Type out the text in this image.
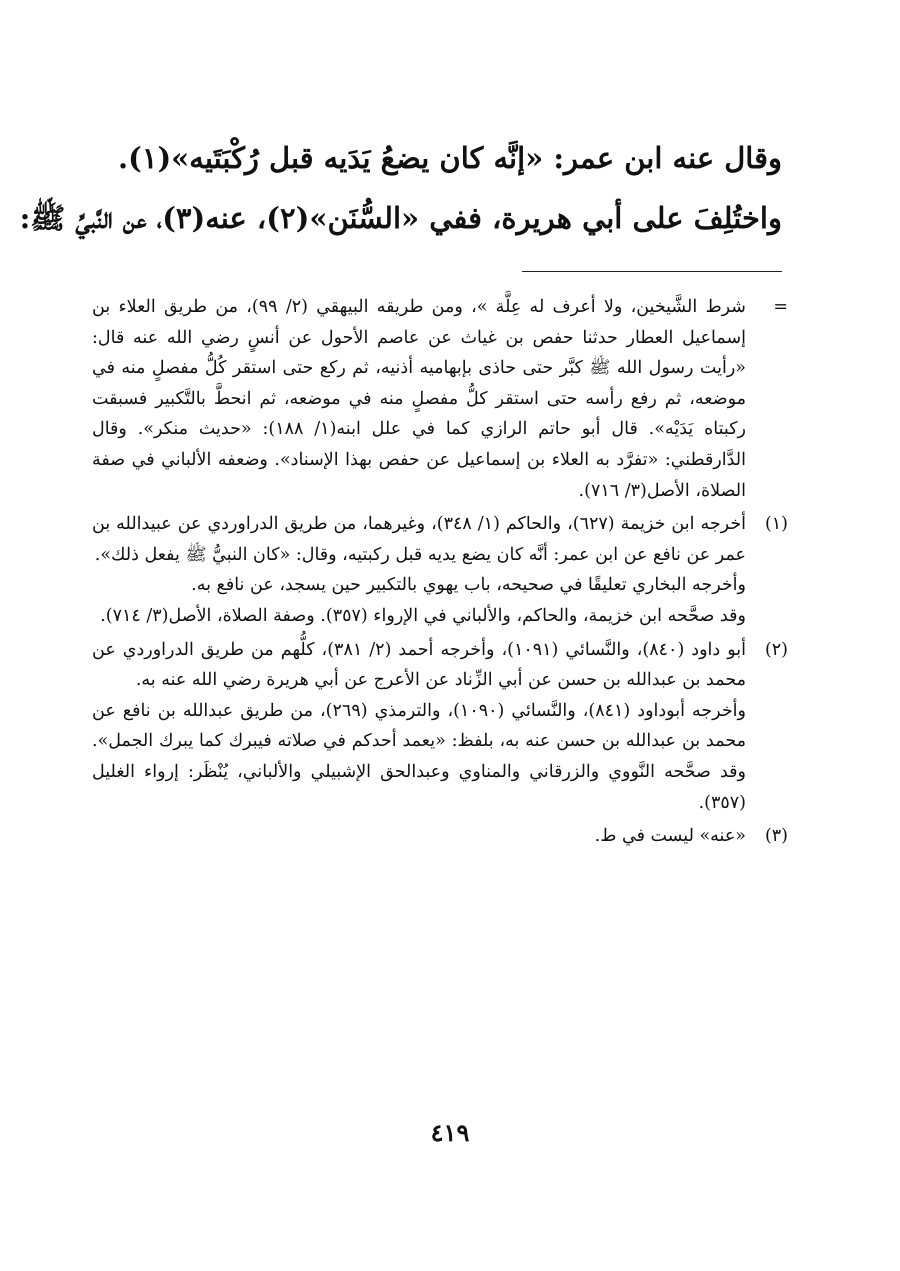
وقال عنه ابن عمر: «إنَّه كان يضعُ يَدَيه قبل رُكْبَتَيه»(١).
واختُلِفَ على أبي هريرة، ففي «السُّنَن»(٢)، عنه(٣)، عن النَّبيِّ ﷺ:
=
شرط الشَّيخين، ولا أعرف له عِلَّة »، ومن طريقه البيهقي (٢/ ٩٩)، من طريق العلاء بن إسماعيل العطار حدثنا حفص بن غياث عن عاصم الأحول عن أنسٍ رضي الله عنه قال: «رأيت رسول الله ﷺ كبَّر حتى حاذى بإبهاميه أذنيه، ثم ركع حتى استقر كُلُّ مفصلٍ منه في موضعه، ثم رفع رأسه حتى استقر كلُّ مفصلٍ منه في موضعه، ثم انحطَّ بالتَّكبير فسبقت ركبتاه يَدَيْه». قال أبو حاتم الرازي كما في علل ابنه(١/ ١٨٨): «حديث منكر». وقال الدَّارقطني: «تفرَّد به العلاء بن إسماعيل عن حفص بهذا الإسناد». وضعفه الألباني في صفة الصلاة، الأصل(٣/ ٧١٦).
(١)
أخرجه ابن خزيمة (٦٢٧)، والحاكم (١/ ٣٤٨)، وغيرهما، من طريق الدراوردي عن عبيدالله بن عمر عن نافع عن ابن عمر: أنَّه كان يضع يديه قبل ركبتيه، وقال: «كان النبيُّ ﷺ يفعل ذلك».
وأخرجه البخاري تعليقًا في صحيحه، باب يهوي بالتكبير حين يسجد، عن نافع به.
وقد صحَّحه ابن خزيمة، والحاكم، والألباني في الإرواء (٣٥٧). وصفة الصلاة، الأصل(٣/ ٧١٤).
(٢)
أبو داود (٨٤٠)، والنَّسائي (١٠٩١)، وأخرجه أحمد (٢/ ٣٨١)، كلُّهم من طريق الدراوردي عن محمد بن عبدالله بن حسن عن أبي الزِّناد عن الأعرج عن أبي هريرة رضي الله عنه به.
وأخرجه أبوداود (٨٤١)، والنَّسائي (١٠٩٠)، والترمذي (٢٦٩)، من طريق عبدالله بن نافع عن محمد بن عبدالله بن حسن عنه به، بلفظ: «يعمد أحدكم في صلاته فيبرك كما يبرك الجمل». وقد صحَّحه النَّووي والزرقاني والمناوي وعبدالحق الإشبيلي والألباني، يُنْظَر: إرواء الغليل (٣٥٧).
(٣)
«عنه» ليست في ط.
٤١٩
